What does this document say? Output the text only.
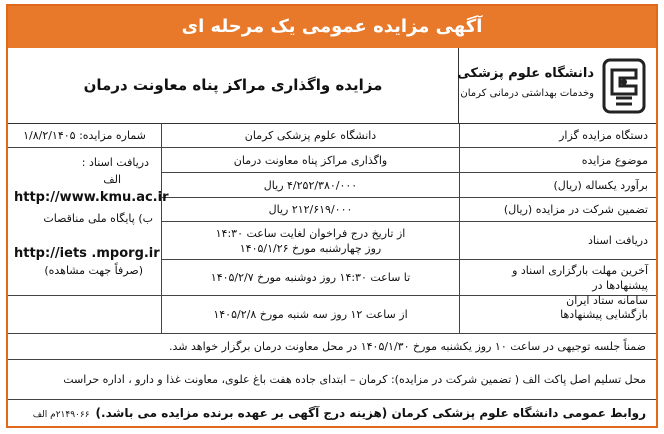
آگهی مزایده عمومی یک مرحله ای
مزایده واگذاری مراکز پناه معاونت درمان
دانشگاه علوم پزشکی
وخدمات بهداشتی درمانی کرمان
دستگاه مزایده گزار
دانشگاه علوم پزشکی کرمان
شماره مزایده: ۱/۸/۲/۱۴۰۵
موضوع مزایده
واگذاری مراکز پناه معاونت درمان
برآورد یکساله (ریال)
۴/۲۵۲/۳۸۰/۰۰۰ ریال
تضمین شرکت در مزایده (ریال)
۲۱۲/۶۱۹/۰۰۰ ریال
دریافت اسناد
از تاریخ درج فراخوان لغایت ساعت ۱۴:۳۰
روز چهارشنبه مورخ ۱۴۰۵/۱/۲۶
آخرین مهلت بارگزاری اسناد و پیشنهادها در
سامانه ستاد ایران
تا ساعت ۱۴:۳۰ روز دوشنبه مورخ ۱۴۰۵/۲/۷
دریافت اسناد :
الف
http://www.kmu.ac.ir
ب) پایگاه ملی مناقصات
http://iets .mporg.ir
(صرفاً جهت مشاهده)
بازگشایی پیشنهادها
از ساعت ۱۲ روز سه شنبه مورخ ۱۴۰۵/۲/۸
ضمناً جلسه توجیهی در ساعت ۱۰ روز یکشنبه مورخ ۱۴۰۵/۱/۳۰ در محل معاونت درمان برگزار خواهد شد.
محل تسلیم اصل پاکت الف ( تضمین شرکت در مزایده): کرمان – ابتدای جاده هفت باغ علوی، معاونت غذا و دارو ، اداره حراست
روابط عمومی دانشگاه علوم پزشکی کرمان (هزینه درج آگهی بر عهده برنده مزایده می باشد.)۲۱۴۹۰۶۶م الف
